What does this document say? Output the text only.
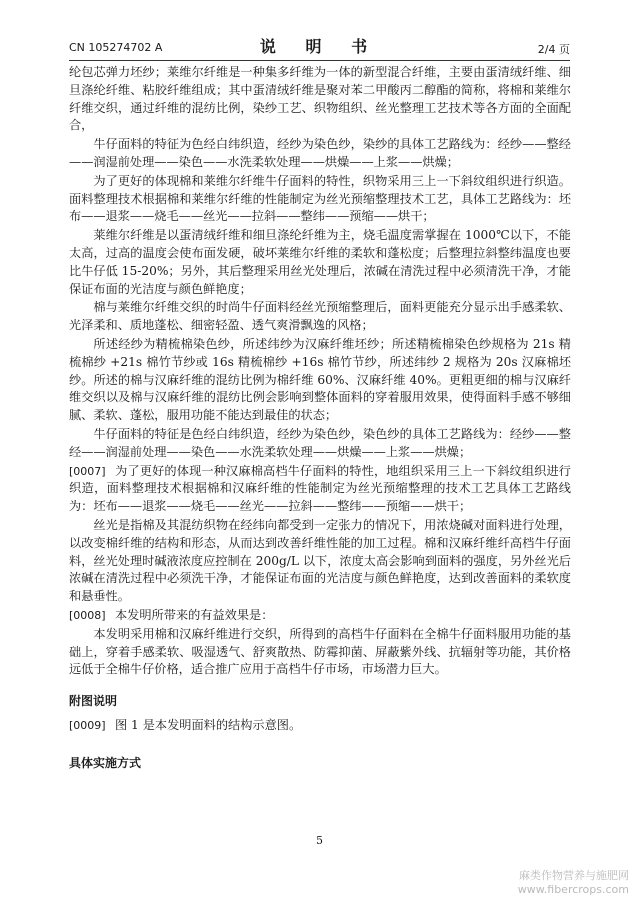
CN 105274702 A	说 明 书	2/4 页

纶包芯弹力坯纱；莱维尔纤维是一种集多纤维为一体的新型混合纤维，主要由蛋清绒纤维、细旦涤纶纤维、粘胶纤维组成；其中蛋清绒纤维是聚对苯二甲酸丙二醇酯的简称，将棉和莱维尔纤维交织，通过纤维的混纺比例，染纱工艺、织物组织、丝光整理工艺技术等各方面的全面配合，

牛仔面料的特征为色经白纬织造，经纱为染色纱，染纱的具体工艺路线为：经纱——整经——润湿前处理——染色——水洗柔软处理——烘燥——上浆——烘燥；

为了更好的体现棉和莱维尔纤维牛仔面料的特性，织物采用三上一下斜纹组织进行织造。面料整理技术根据棉和莱维尔纤维的性能制定为丝光预缩整理技术工艺，具体工艺路线为：坯布——退浆——烧毛——丝光——拉斜——整纬——预缩——烘干；

莱维尔纤维是以蛋清绒纤维和细旦涤纶纤维为主，烧毛温度需掌握在 1000℃以下，不能太高，过高的温度会使布面发硬，破坏莱维尔纤维的柔软和蓬松度；后整理拉斜整纬温度也要比牛仔低 15-20%；另外，其后整理采用丝光处理后，浓碱在清洗过程中必须清洗干净，才能保证布面的光洁度与颜色鲜艳度；

棉与莱维尔纤维交织的时尚牛仔面料经丝光预缩整理后，面料更能充分显示出手感柔软、光泽柔和、质地蓬松、细密轻盈、透气爽滑飘逸的风格；

所述经纱为精梳棉染色纱，所述纬纱为汉麻纤维坯纱；所述精梳棉染色纱规格为 21s 精梳棉纱 +21s 棉竹节纱或 16s 精梳棉纱 +16s 棉竹节纱，所述纬纱 2 规格为 20s 汉麻棉坯纱。所述的棉与汉麻纤维的混纺比例为棉纤维 60%、汉麻纤维 40%。更粗更细的棉与汉麻纤维交织以及棉与汉麻纤维的混纺比例会影响到整体面料的穿着服用效果，使得面料手感不够细腻、柔软、蓬松，服用功能不能达到最佳的状态；

牛仔面料的特征是色经白纬织造，经纱为染色纱，染色纱的具体工艺路线为：经纱——整经——润湿前处理——染色——水洗柔软处理——烘燥——上浆——烘燥；

[0007] 为了更好的体现一种汉麻棉高档牛仔面料的特性，地组织采用三上一下斜纹组织进行织造，面料整理技术根据棉和汉麻纤维的性能制定为丝光预缩整理的技术工艺具体工艺路线为：坯布——退浆——烧毛——丝光——拉斜——整纬——预缩——烘干；

丝光是指棉及其混纺织物在经纬向都受到一定张力的情况下，用浓烧碱对面料进行处理，以改变棉纤维的结构和形态，从而达到改善纤维性能的加工过程。棉和汉麻纤维纤高档牛仔面料，丝光处理时碱液浓度应控制在 200g/L 以下，浓度太高会影响到面料的强度，另外丝光后浓碱在清洗过程中必须洗干净，才能保证布面的光洁度与颜色鲜艳度，达到改善面料的柔软度和悬垂性。

[0008] 本发明所带来的有益效果是：

本发明采用棉和汉麻纤维进行交织，所得到的高档牛仔面料在全棉牛仔面料服用功能的基础上，穿着手感柔软、吸湿透气、舒爽散热、防霉抑菌、屏蔽紫外线、抗辐射等功能，其价格远低于全棉牛仔价格，适合推广应用于高档牛仔市场，市场潜力巨大。

附图说明

[0009] 图 1 是本发明面料的结构示意图。

具体实施方式
5
麻类作物营养与施肥网
www.fibercrops.com
